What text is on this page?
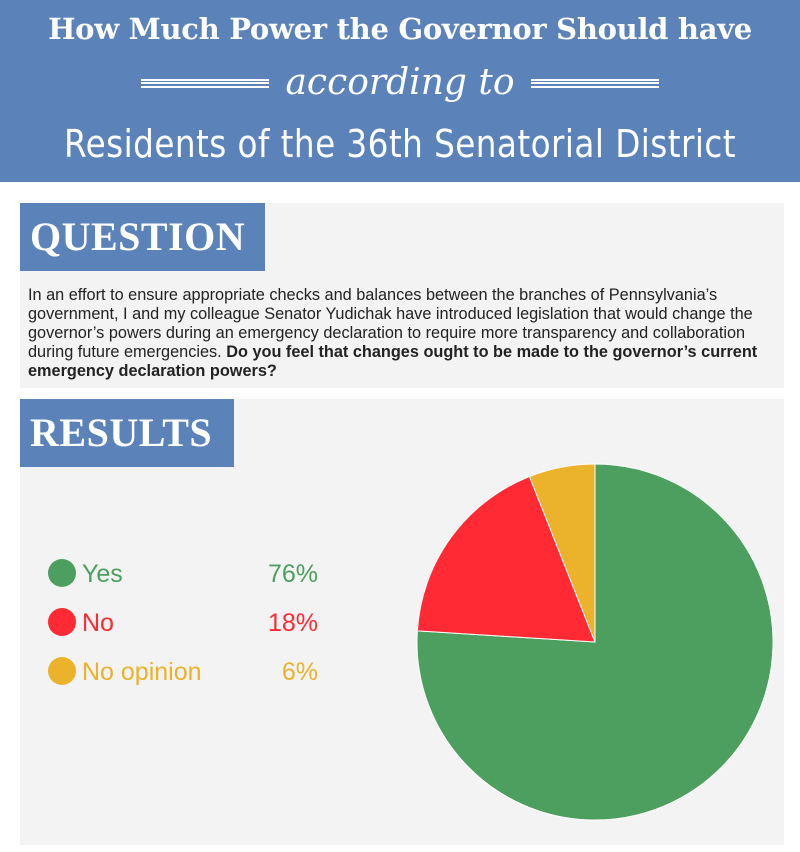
How Much Power the Governor Should have
according to
Residents of the 36th Senatorial District
QUESTION
In an effort to ensure appropriate checks and balances between the branches of Pennsylvania’s government, I and my colleague Senator Yudichak have introduced legislation that would change the governor’s powers during an emergency declaration to require more transparency and collaboration during future emergencies. Do you feel that changes ought to be made to the governor’s current emergency declaration powers?
RESULTS
Yes	76%
No	18%
No opinion	6%
